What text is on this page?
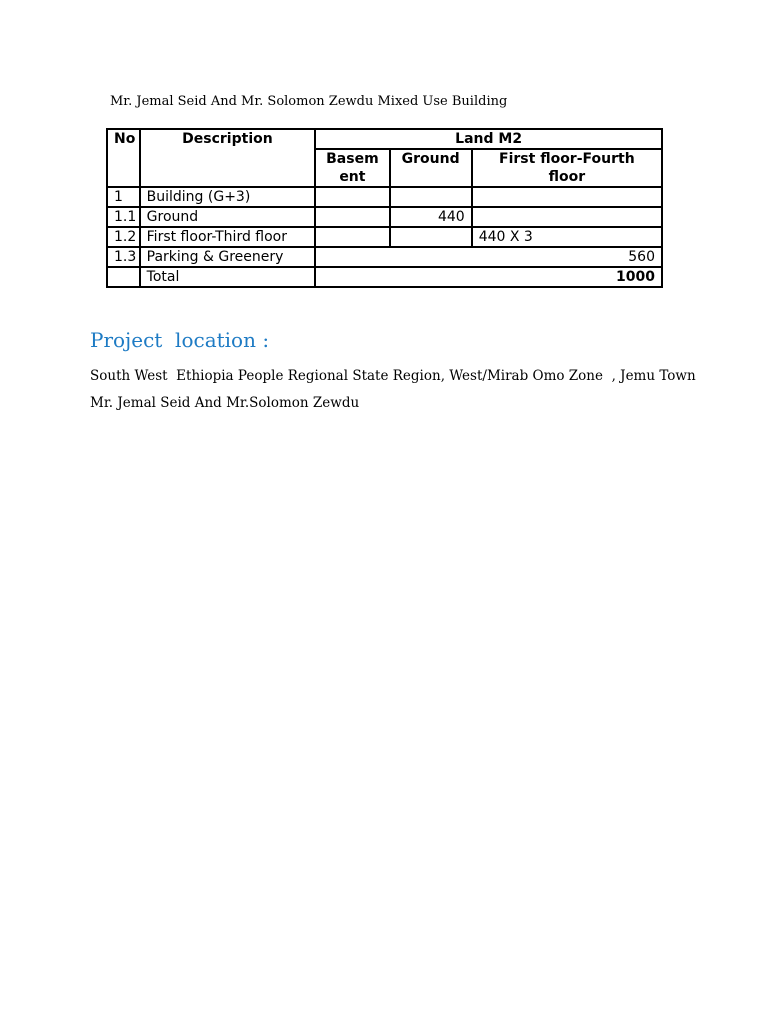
Mr. Jemal Seid And Mr. Solomon Zewdu Mixed Use Building
No	Description	Land M2		
		Basem ent	Ground	First floor-Fourth floor
1	Building (G+3)			
1.1	Ground		440	
1.2	First floor-Third floor			440 X 3
1.3	Parking & Greenery	560		
	Total	1000		
Project  location :
South West  Ethiopia People Regional State Region, West/Mirab Omo Zone  , Jemu Town
Mr. Jemal Seid And Mr.Solomon Zewdu
